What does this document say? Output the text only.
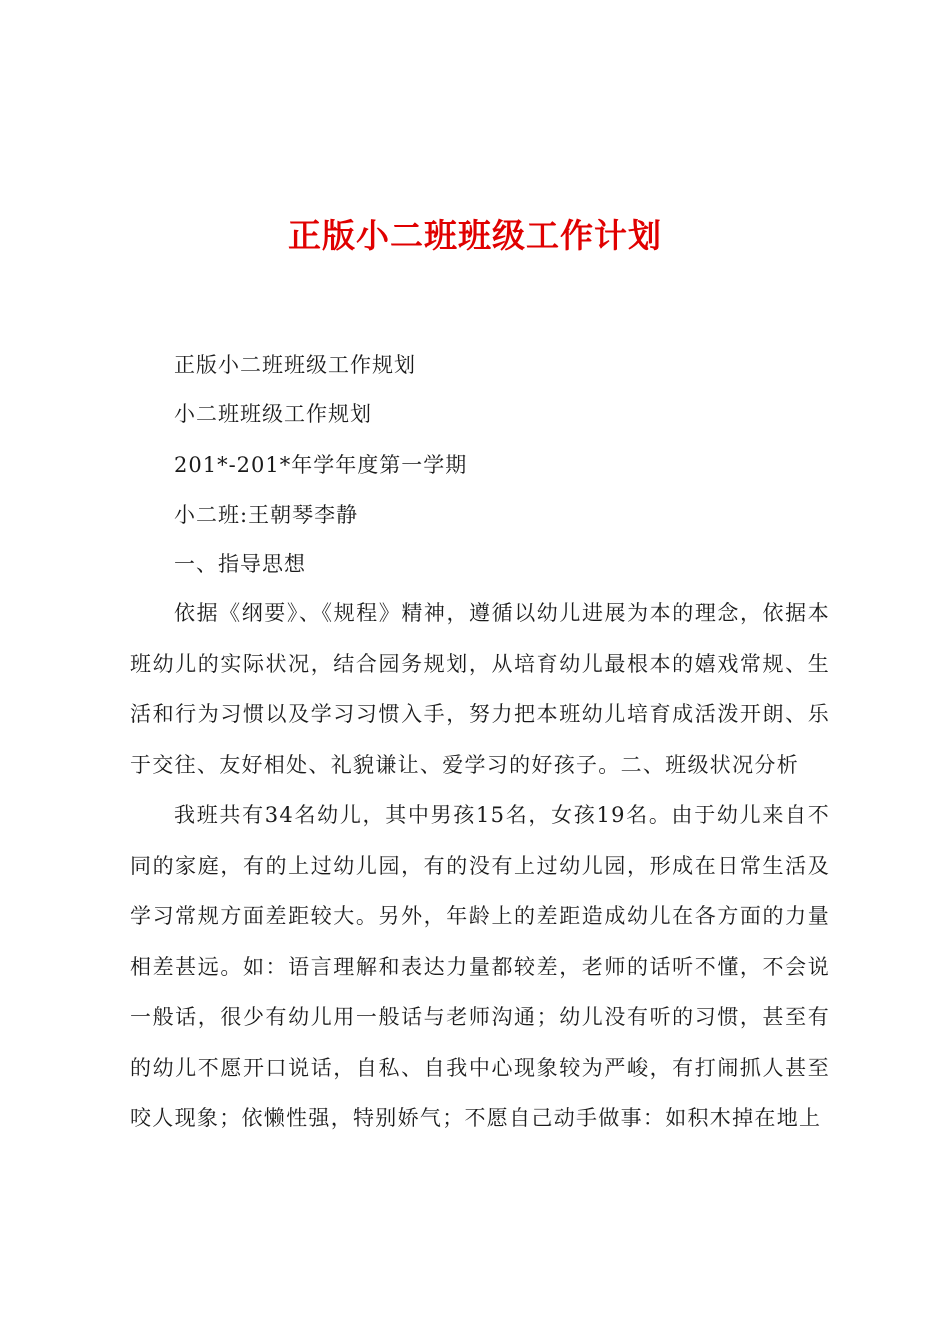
正版小二班班级工作计划

正版小二班班级工作规划

小二班班级工作规划

201*-201*年学年度第一学期

小二班:王朝琴李静

一、指导思想

依据《纲要》、《规程》精神，遵循以幼儿进展为本的理念，依据本班幼儿的实际状况，结合园务规划，从培育幼儿最根本的嬉戏常规、生活和行为习惯以及学习习惯入手，努力把本班幼儿培育成活泼开朗、乐于交往、友好相处、礼貌谦让、爱学习的好孩子。二、班级状况分析

我班共有34名幼儿，其中男孩15名，女孩19名。由于幼儿来自不同的家庭，有的上过幼儿园，有的没有上过幼儿园，形成在日常生活及学习常规方面差距较大。另外，年龄上的差距造成幼儿在各方面的力量相差甚远。如：语言理解和表达力量都较差，老师的话听不懂，不会说一般话，很少有幼儿用一般话与老师沟通；幼儿没有听的习惯，甚至有的幼儿不愿开口说话，自私、自我中心现象较为严峻，有打闹抓人甚至咬人现象；依懒性强，特别娇气；不愿自己动手做事：如积木掉在地上
